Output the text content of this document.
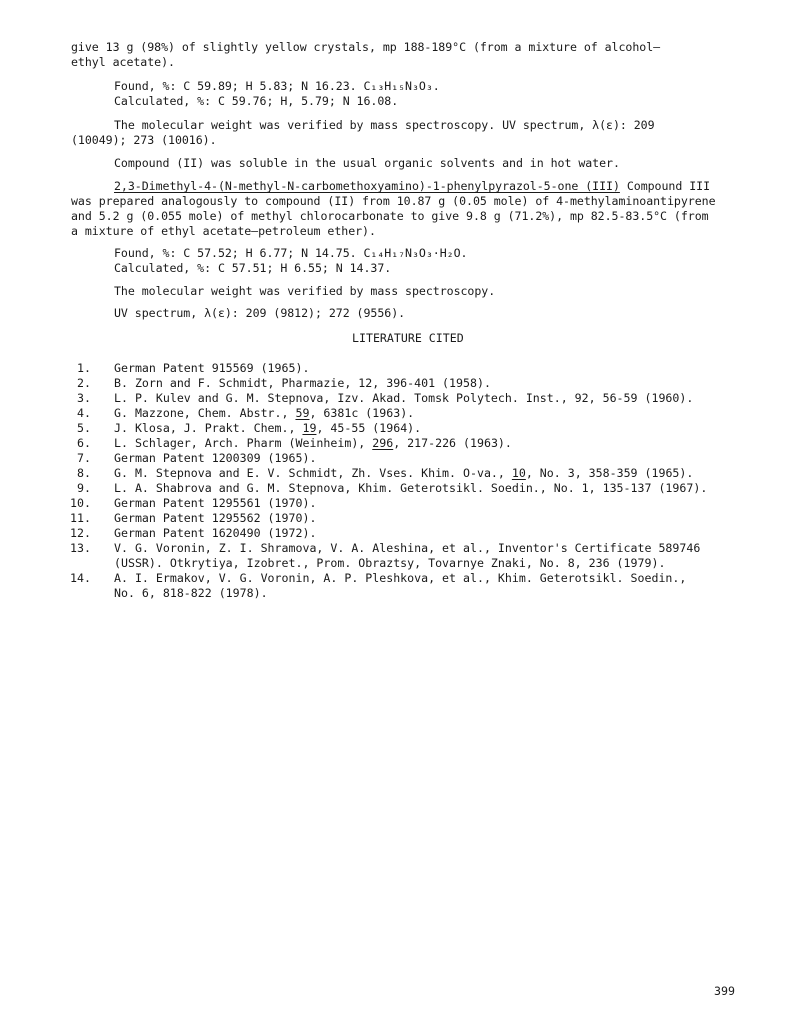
give 13 g (98%) of slightly yellow crystals, mp 188-189°C (from a mixture of alcohol—
ethyl acetate).
Found, %: C 59.89; H 5.83; N 16.23. C₁₃H₁₅N₃O₃.
Calculated, %: C 59.76; H, 5.79; N 16.08.
The molecular weight was verified by mass spectroscopy. UV spectrum, λ(ε): 209
(10049); 273 (10016).
Compound (II) was soluble in the usual organic solvents and in hot water.
2,3-Dimethyl-4-(N-methyl-N-carbomethoxyamino)-1-phenylpyrazol-5-one (III) Compound III
was prepared analogously to compound (II) from 10.87 g (0.05 mole) of 4-methylaminoantipyrene
and 5.2 g (0.055 mole) of methyl chlorocarbonate to give 9.8 g (71.2%), mp 82.5-83.5°C (from
a mixture of ethyl acetate—petroleum ether).
Found, %: C 57.52; H 6.77; N 14.75. C₁₄H₁₇N₃O₃·H₂O.
Calculated, %: C 57.51; H 6.55; N 14.37.
The molecular weight was verified by mass spectroscopy.
UV spectrum, λ(ε): 209 (9812); 272 (9556).
LITERATURE CITED
1. German Patent 915569 (1965).
2. B. Zorn and F. Schmidt, Pharmazie, 12, 396-401 (1958).
3. L. P. Kulev and G. M. Stepnova, Izv. Akad. Tomsk Polytech. Inst., 92, 56-59 (1960).
4. G. Mazzone, Chem. Abstr., 59, 6381c (1963).
5. J. Klosa, J. Prakt. Chem., 19, 45-55 (1964).
6. L. Schlager, Arch. Pharm (Weinheim), 296, 217-226 (1963).
7. German Patent 1200309 (1965).
8. G. M. Stepnova and E. V. Schmidt, Zh. Vses. Khim. O-va., 10, No. 3, 358-359 (1965).
9. L. A. Shabrova and G. M. Stepnova, Khim. Geterotsikl. Soedin., No. 1, 135-137 (1967).
10. German Patent 1295561 (1970).
11. German Patent 1295562 (1970).
12. German Patent 1620490 (1972).
13. V. G. Voronin, Z. I. Shramova, V. A. Aleshina, et al., Inventor's Certificate 589746
(USSR). Otkrytiya, Izobret., Prom. Obraztsy, Tovarnye Znaki, No. 8, 236 (1979).
14. A. I. Ermakov, V. G. Voronin, A. P. Pleshkova, et al., Khim. Geterotsikl. Soedin.,
No. 6, 818-822 (1978).
399
